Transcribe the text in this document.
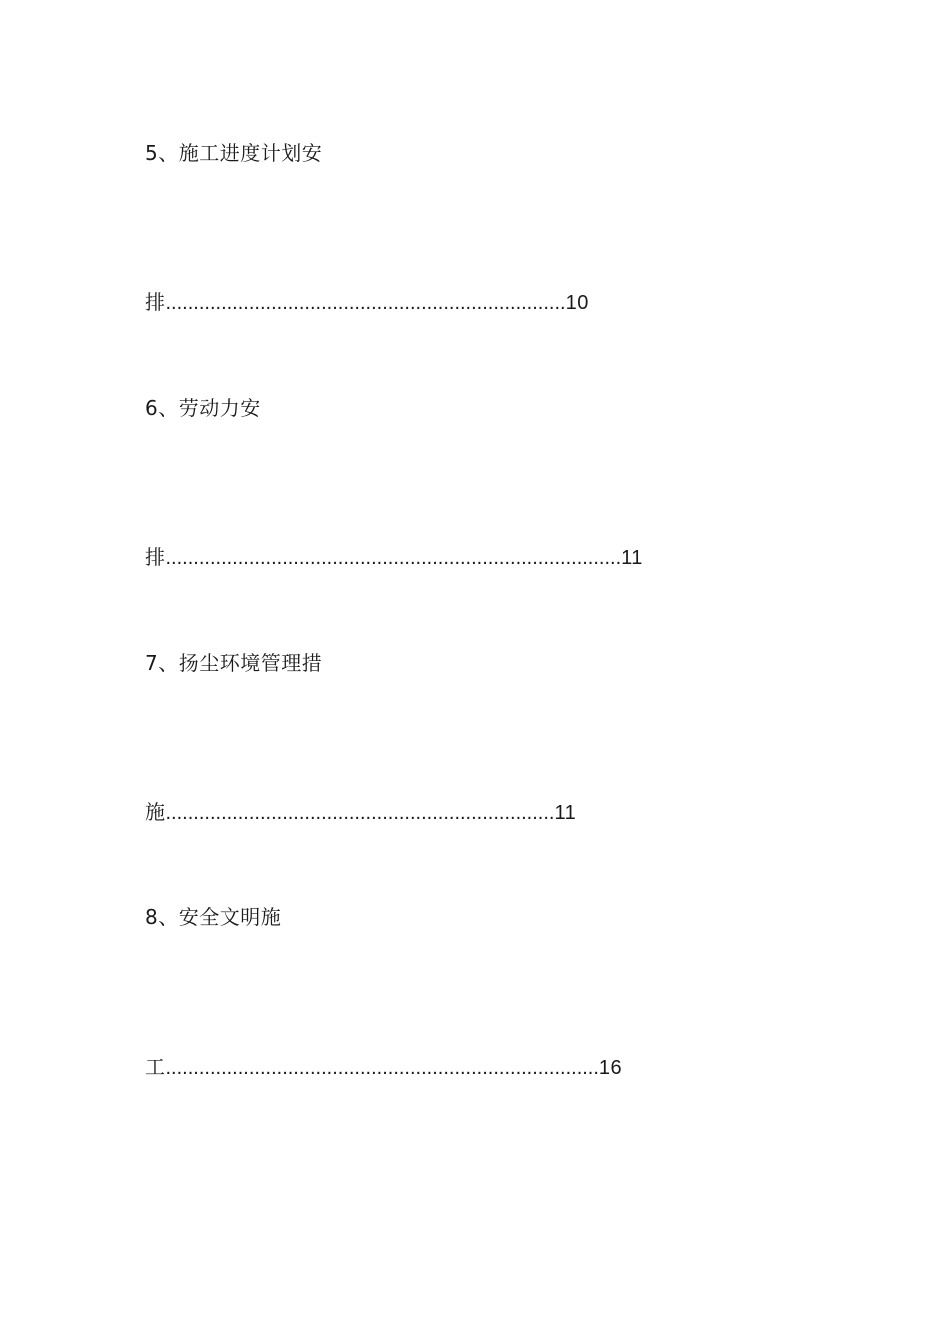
5、施工进度计划安
排........................................................................10
6、劳动力安
排..................................................................................11
7、扬尘环境管理措
施......................................................................11
8、安全文明施
工..............................................................................16
